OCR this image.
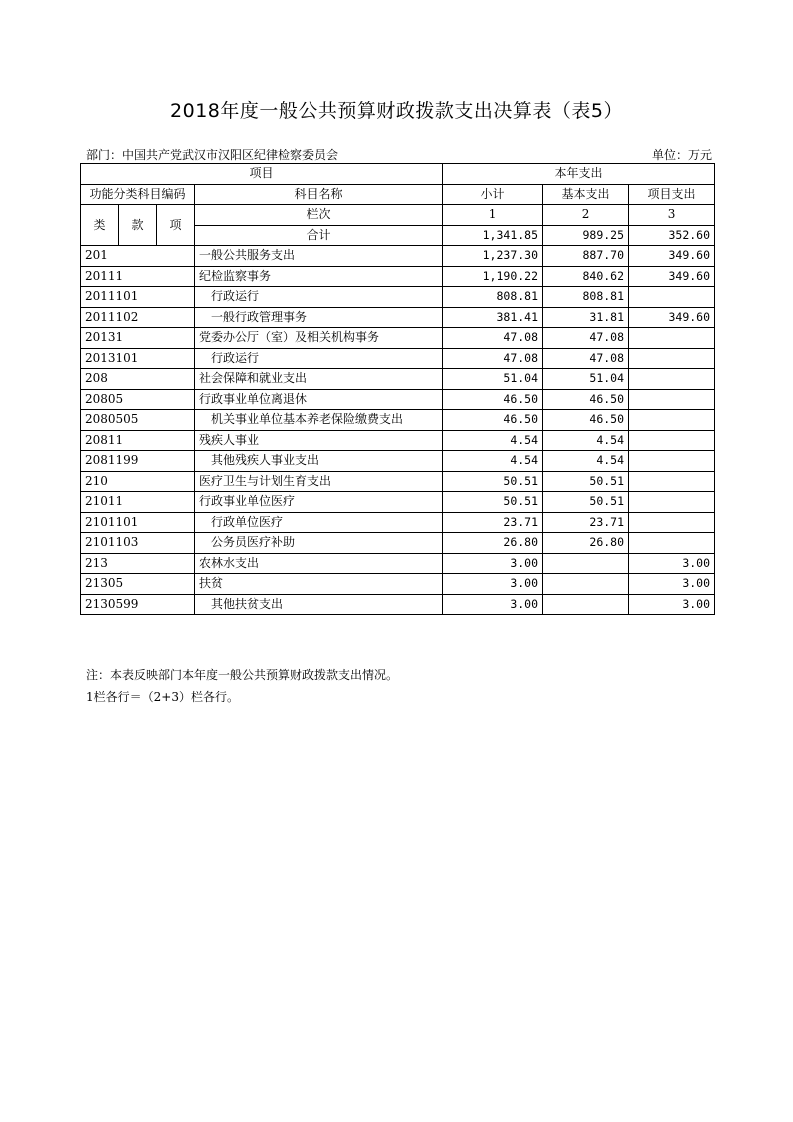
2018年度一般公共预算财政拨款支出决算表（表5）
部门：中国共产党武汉市汉阳区纪律检察委员会	单位：万元
项目				本年支出		
功能分类科目编码			科目名称	小计	基本支出	项目支出
类	款	项	栏次	1	2	3
			合计	1,341.85	989.25	352.60
201			一般公共服务支出	1,237.30	887.70	349.60
20111			纪检监察事务	1,190.22	840.62	349.60
2011101			行政运行	808.81	808.81	
2011102			一般行政管理事务	381.41	31.81	349.60
20131			党委办公厅（室）及相关机构事务	47.08	47.08	
2013101			行政运行	47.08	47.08	
208			社会保障和就业支出	51.04	51.04	
20805			行政事业单位离退休	46.50	46.50	
2080505			机关事业单位基本养老保险缴费支出	46.50	46.50	
20811			残疾人事业	4.54	4.54	
2081199			其他残疾人事业支出	4.54	4.54	
210			医疗卫生与计划生育支出	50.51	50.51	
21011			行政事业单位医疗	50.51	50.51	
2101101			行政单位医疗	23.71	23.71	
2101103			公务员医疗补助	26.80	26.80	
213			农林水支出	3.00		3.00
21305			扶贫	3.00		3.00
2130599			其他扶贫支出	3.00		3.00
注：本表反映部门本年度一般公共预算财政拨款支出情况。
1栏各行＝（2+3）栏各行。
